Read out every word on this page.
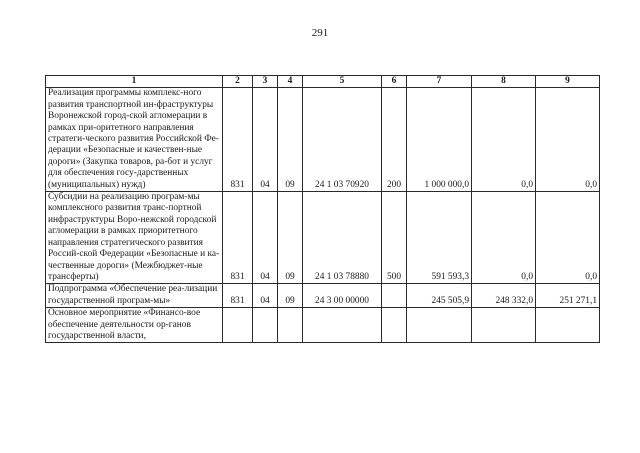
291
1	2	3	4	5	6	7	8	9
Реализация программы комплекс-ного развития транспортной ин-фраструктуры Воронежской город-ской агломерации в рамках при-оритетного направления стратеги-ческого развития Российской Фе-дерации «Безопасные и качествен-ные дороги» (Закупка товаров, ра-бот и услуг для обеспечения госу-дарственных (муниципальных) нужд)	831	04	09	24 1 03 70920	200	1 000 000,0	0,0	0,0
Субсидии на реализацию програм-мы комплексного развития транс-портной инфраструктуры Воро-нежской городской агломерации в рамках приоритетного направления стратегического развития Россий-ской Федерации «Безопасные и ка-чественные дороги» (Межбюджет-ные трансферты)	831	04	09	24 1 03 78880	500	591 593,3	0,0	0,0
Подпрограмма «Обеспечение реа-лизации государственной програм-мы»	831	04	09	24 3 00 00000		245 505,9	248 332,0	251 271,1
Основное мероприятие «Финансо-вое обеспечение деятельности ор-ганов государственной власти,								
